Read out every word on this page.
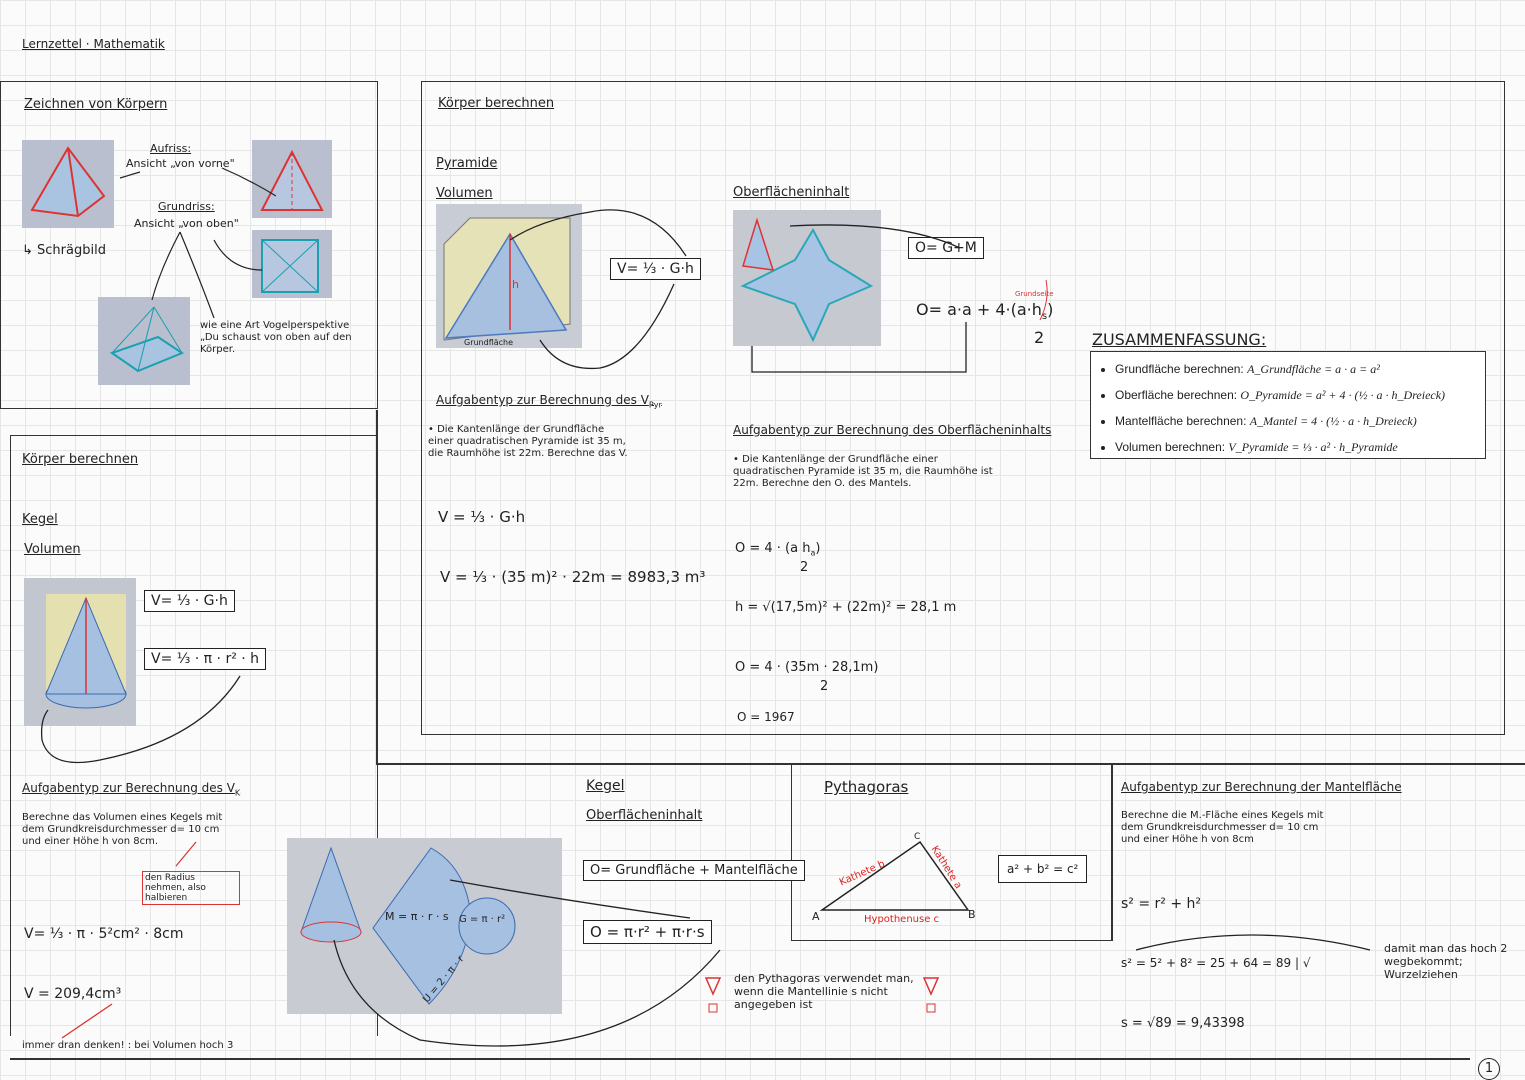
Lernzettel · Mathematik
1
Zeichnen von Körpern
Aufriss:
Ansicht „von vorne"
Grundriss:
Ansicht „von oben"
↳ Schrägbild
wie eine Art Vogelperspektive „Du schaust von oben auf den Körper.
Körper berechnen
Pyramide
Volumen
h
Grundfläche
V= ⅓ · G·h
Oberflächeninhalt
O= G+M
Grundseite
$O= a\cdot a + 4\cdot(a\cdot h_s)$
2
Aufgabentyp zur Berechnung des $V_{Pyr}$
• Die Kantenlänge der Grundfläche einer quadratischen Pyramide ist 35 m, die Raumhöhe ist 22m. Berechne das V.
V = ⅓ · G·h
V = ⅓ · (35 m)² · 22m = 8983,3 m³
Aufgabentyp zur Berechnung des Oberflächeninhalts
• Die Kantenlänge der Grundfläche einer quadratischen Pyramide ist 35 m, die Raumhöhe ist 22m. Berechne den O. des Mantels.
O = 4 · (a $h_a$)
2
h = √(17,5m)² + (22m)² = 28,1 m
O = 4 · (35m · 28,1m)
2
O = 1967
ZUSAMMENFASSUNG:
• Grundfläche berechnen: A_Grundfläche = a · a = a²
• Oberfläche berechnen: O_Pyramide = a² + 4 · (½ · a · h_Dreieck)
• Mantelfläche berechnen: A_Mantel = 4 · (½ · a · h_Dreieck)
• Volumen berechnen: V_Pyramide = ⅓ · a² · h_Pyramide
Körper berechnen
Kegel
Volumen
V= ⅓ · G·h
V= ⅓ · π · r² · h
Aufgabentyp zur Berechnung des $V_K$
Berechne das Volumen eines Kegels mit dem Grundkreisdurchmesser d= 10 cm und einer Höhe h von 8cm.
den Radius nehmen, also halbieren
V= ⅓ · π · 5²cm² · 8cm
V = 209,4cm³
immer dran denken! : bei Volumen hoch 3
M = π · r · s G = π · r²
U = 2 · π · r
Kegel
Oberflächeninhalt
O= Grundfläche + Mantelfläche
O = π·r² + π·r·s
den Pythagoras verwendet man, wenn die Mantellinie s nicht angegeben ist
Pythagoras
A	B
C
Kathete b	Kathete a
Hypothenuse c
a² + b² = c²
Aufgabentyp zur Berechnung der Mantelfläche
Berechne die M.-Fläche eines Kegels mit dem Grundkreisdurchmesser d= 10 cm und einer Höhe h von 8cm
s² = r² + h²
s² = 5² + 8² = 25 + 64 = 89 | √
damit man das hoch 2 wegbekommt; Wurzelziehen
s = √89 = 9,43398
